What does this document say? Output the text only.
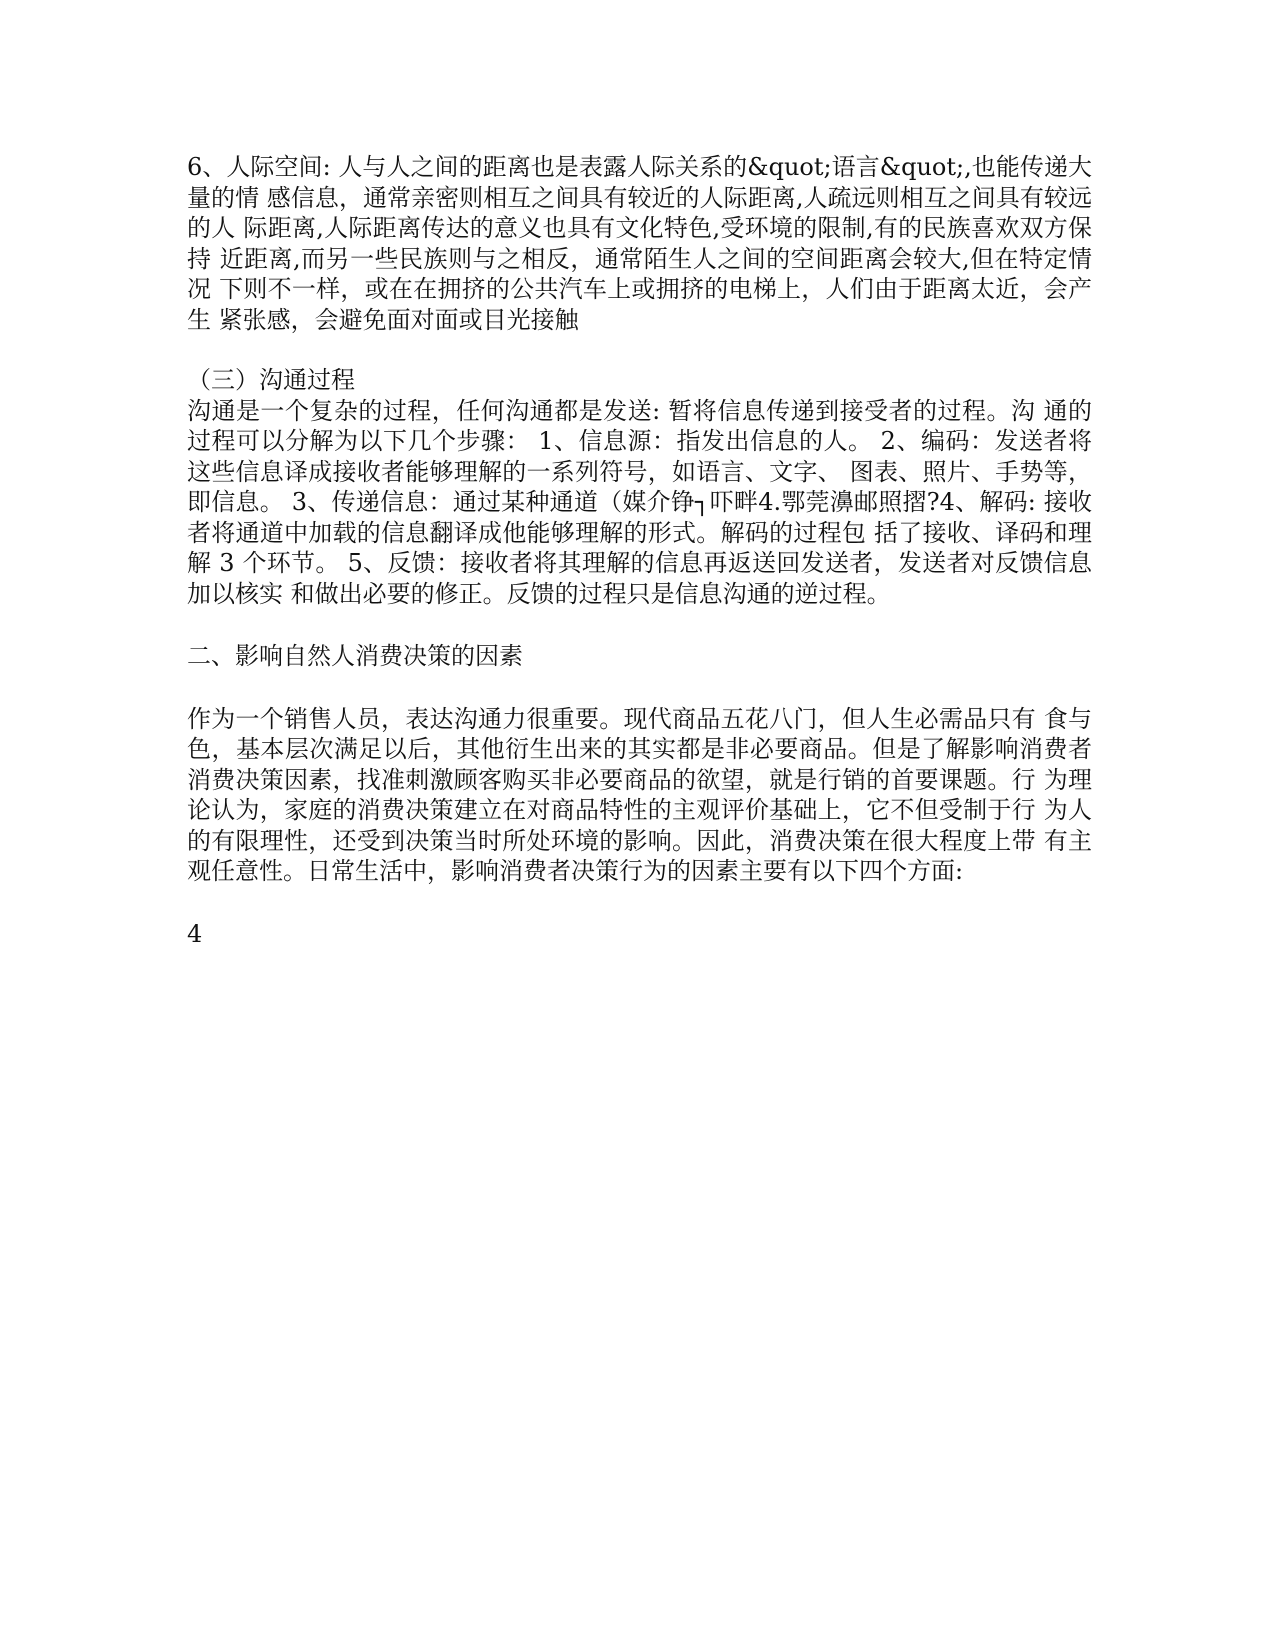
6、人际空间: 人与人之间的距离也是表露人际关系的&quot;语言&quot;,也能传递大量的情 感信息，通常亲密则相互之间具有较近的人际距离,人疏远则相互之间具有较远的人 际距离,人际距离传达的意义也具有文化特色,受环境的限制,有的民族喜欢双方保持 近距离,而另一些民族则与之相反，通常陌生人之间的空间距离会较大,但在特定情况 下则不一样，或在在拥挤的公共汽车上或拥挤的电梯上，人们由于距离太近，会产生 紧张感，会避免面对面或目光接触

（三）沟通过程

沟通是一个复杂的过程，任何沟通都是发送: 暂将信息传递到接受者的过程。沟 通的过程可以分解为以下几个步骤： 1、信息源：指发出信息的人。 2、编码：发送者将这些信息译成接收者能够理解的一系列符号，如语言、文字、 图表、照片、手势等，即信息。 3、传递信息：通过某种通道（媒介铮┐吓畔4.鄂莞濞邮照摺?4、解码: 接收者将通道中加载的信息翻译成他能够理解的形式。解码的过程包 括了接收、译码和理解 3 个环节。 5、反馈：接收者将其理解的信息再返送回发送者，发送者对反馈信息加以核实 和做出必要的修正。反馈的过程只是信息沟通的逆过程。

二、影响自然人消费决策的因素

作为一个销售人员，表达沟通力很重要。现代商品五花八门，但人生必需品只有 食与色，基本层次满足以后，其他衍生出来的其实都是非必要商品。但是了解影响消费者消费决策因素，找准刺激顾客购买非必要商品的欲望，就是行销的首要课题。行 为理论认为，家庭的消费决策建立在对商品特性的主观评价基础上，它不但受制于行 为人的有限理性，还受到决策当时所处环境的影响。因此，消费决策在很大程度上带 有主观任意性。日常生活中，影响消费者决策行为的因素主要有以下四个方面:

4
